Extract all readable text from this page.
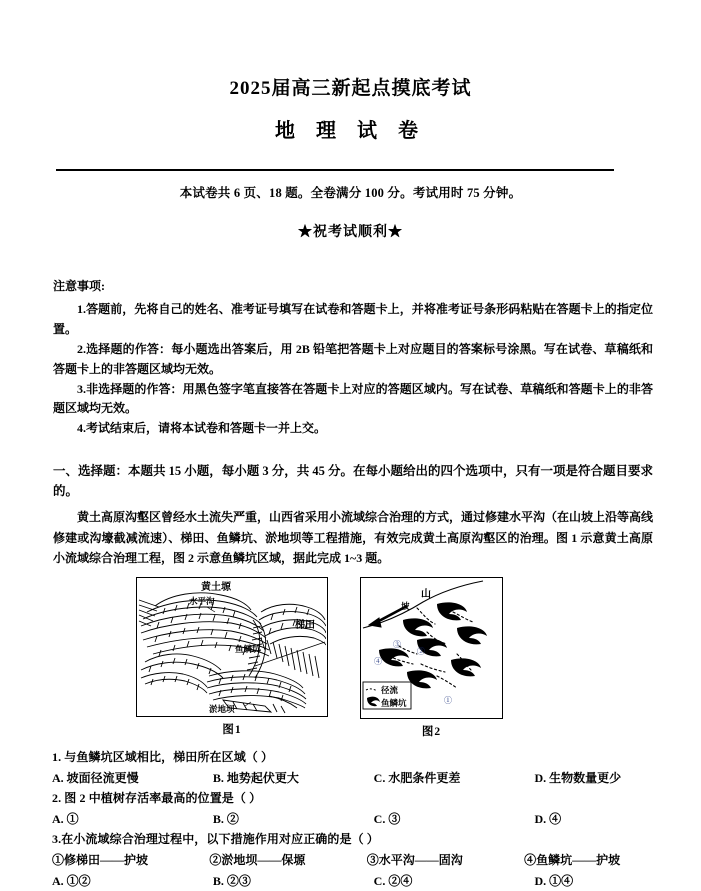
2025届高三新起点摸底考试
地 理 试 卷

本试卷共 6 页、18 题。全卷满分 100 分。考试用时 75 分钟。

★祝考试顺利★

注意事项:

1.答题前，先将自己的姓名、准考证号填写在试卷和答题卡上，并将准考证号条形码粘贴在答题卡上的指定位置。

2.选择题的作答：每小题选出答案后，用 2B 铅笔把答题卡上对应题目的答案标号涂黑。写在试卷、草稿纸和答题卡上的非答题区域均无效。

3.非选择题的作答：用黑色签字笔直接答在答题卡上对应的答题区域内。写在试卷、草稿纸和答题卡上的非答题区域均无效。

4.考试结束后，请将本试卷和答题卡一并上交。

一、选择题：本题共 15 小题，每小题 3 分，共 45 分。在每小题给出的四个选项中，只有一项是符合题目要求的。

黄土高原沟壑区曾经水土流失严重，山西省采用小流域综合治理的方式，通过修建水平沟（在山坡上沿等高线修建或沟壕截减流速）、梯田、鱼鳞坑、淤地坝等工程措施，有效完成黄土高原沟壑区的治理。图 1 示意黄土高原小流域综合治理工程，图 2 示意鱼鳞坑区域，据此完成 1~3 题。

黄土塬
水平沟
梯田
鱼鳞坑
淤地坝
图1
①
②
③
④
山
坡
径流
鱼鳞坑
图2

1. 与鱼鳞坑区域相比，梯田所在区域（ ）

A. 坡面径流更慢	B. 地势起伏更大	C. 水肥条件更差	D. 生物数量更少

2. 图 2 中植树存活率最高的位置是（ ）

A. ①	B. ②	C. ③	D. ④

3.在小流域综合治理过程中，以下措施作用对应正确的是（ ）

①修梯田——护坡	②淤地坝——保塬	③水平沟——固沟	④鱼鳞坑——护坡
A. ①②	B. ②③	C. ②④	D. ①④
